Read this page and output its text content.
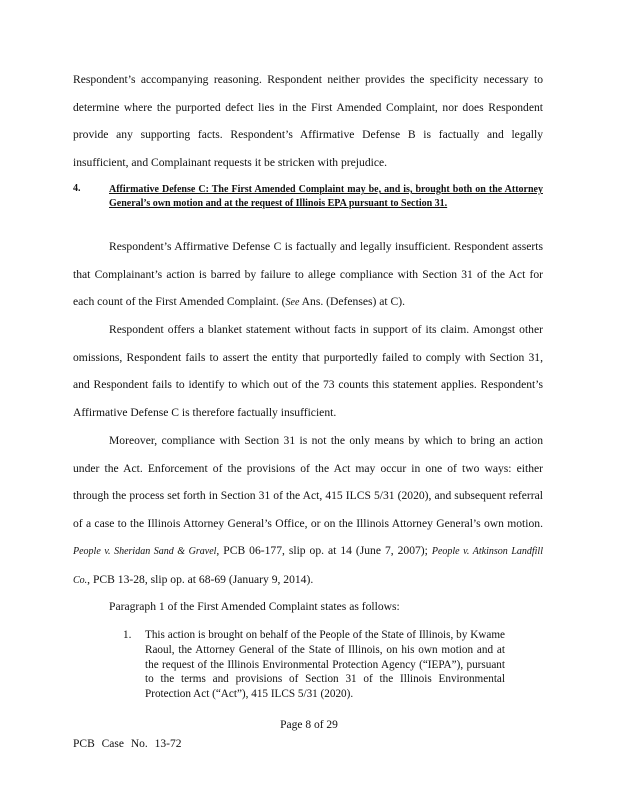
Respondent’s accompanying reasoning. Respondent neither provides the specificity necessary to determine where the purported defect lies in the First Amended Complaint, nor does Respondent provide any supporting facts. Respondent’s Affirmative Defense B is factually and legally insufficient, and Complainant requests it be stricken with prejudice.
4.	Affirmative Defense C: The First Amended Complaint may be, and is, brought both on the Attorney General’s own motion and at the request of Illinois EPA pursuant to Section 31.
Respondent’s Affirmative Defense C is factually and legally insufficient. Respondent asserts that Complainant’s action is barred by failure to allege compliance with Section 31 of the Act for each count of the First Amended Complaint. (See Ans. (Defenses) at C).
Respondent offers a blanket statement without facts in support of its claim. Amongst other omissions, Respondent fails to assert the entity that purportedly failed to comply with Section 31, and Respondent fails to identify to which out of the 73 counts this statement applies. Respondent’s Affirmative Defense C is therefore factually insufficient.
Moreover, compliance with Section 31 is not the only means by which to bring an action under the Act. Enforcement of the provisions of the Act may occur in one of two ways: either through the process set forth in Section 31 of the Act, 415 ILCS 5/31 (2020), and subsequent referral of a case to the Illinois Attorney General’s Office, or on the Illinois Attorney General’s own motion. People v. Sheridan Sand & Gravel, PCB 06-177, slip op. at 14 (June 7, 2007); People v. Atkinson Landfill Co., PCB 13-28, slip op. at 68-69 (January 9, 2014).
Paragraph 1 of the First Amended Complaint states as follows:
1. This action is brought on behalf of the People of the State of Illinois, by Kwame Raoul, the Attorney General of the State of Illinois, on his own motion and at the request of the Illinois Environmental Protection Agency (“IEPA”), pursuant to the terms and provisions of Section 31 of the Illinois Environmental Protection Act (“Act”), 415 ILCS 5/31 (2020).
Page 8 of 29
PCB Case No. 13-72
